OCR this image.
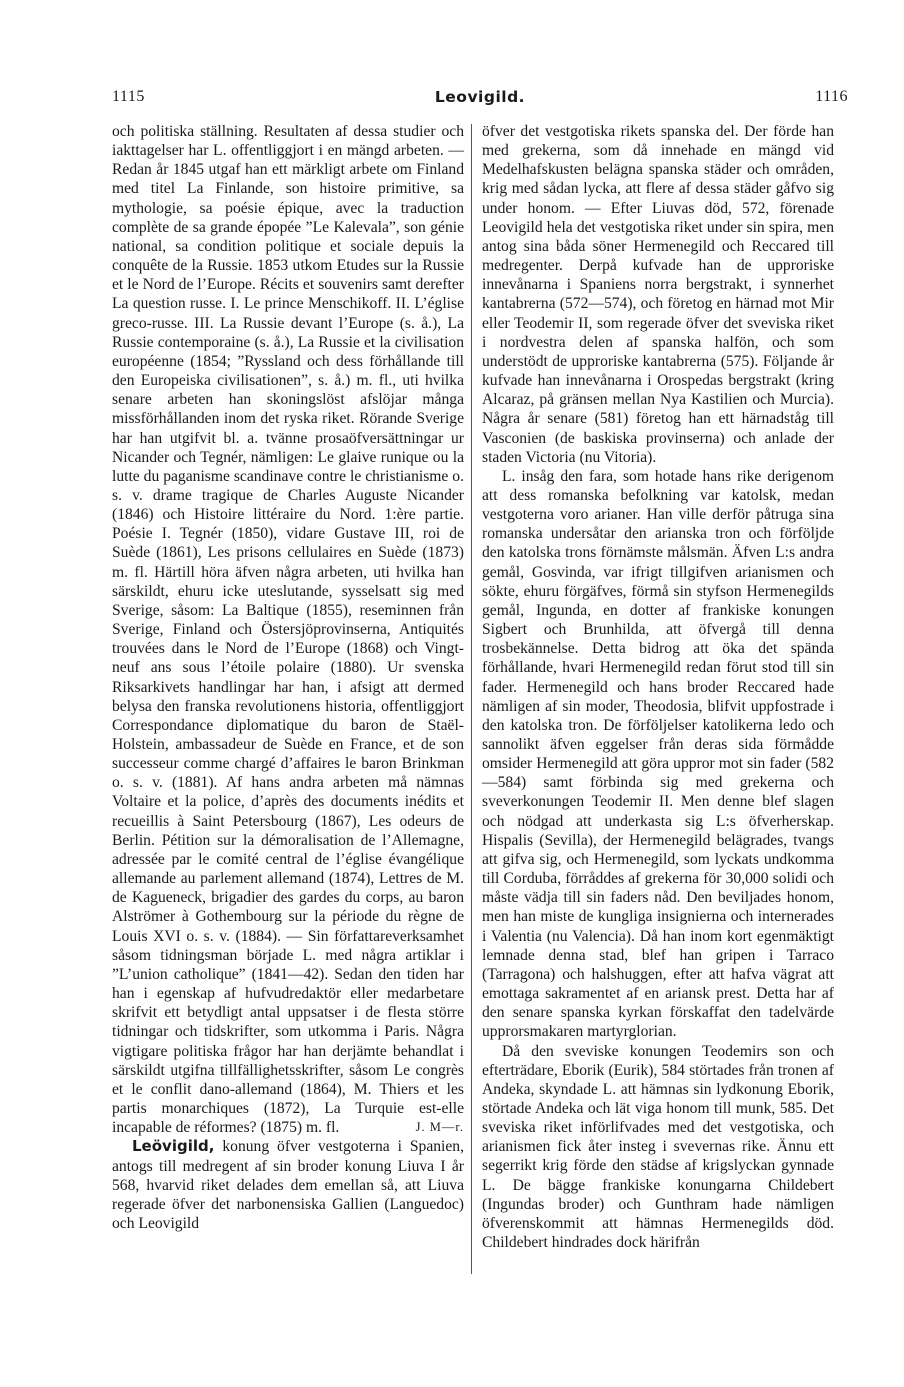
1115	Leovigild.	1116

och politiska ställning. Resultaten af dessa studier och iakttagelser har L. offentliggjort i en mängd arbeten. — Redan år 1845 utgaf han ett märkligt arbete om Finland med titel La Finlande, son histoire primitive, sa mythologie, sa poésie épique, avec la traduction complète de sa grande épopée ”Le Kalevala”, son génie national, sa condition politique et sociale depuis la conquête de la Russie. 1853 utkom Etudes sur la Russie et le Nord de l’Europe. Récits et souvenirs samt derefter La question russe. I. Le prince Menschikoff. II. L’église greco-russe. III. La Russie devant l’Europe (s. å.), La Russie contemporaine (s. å.), La Russie et la civilisation européenne (1854; ”Ryssland och dess förhållande till den Europeiska civilisationen”, s. å.) m. fl., uti hvilka senare arbeten han skoningslöst afslöjar många missförhållanden inom det ryska riket. Rörande Sverige har han utgifvit bl. a. tvänne prosaöfversättningar ur Nicander och Tegnér, nämligen: Le glaive runique ou la lutte du paganisme scandinave contre le christianisme o. s. v. drame tragique de Charles Auguste Nicander (1846) och Histoire littéraire du Nord. 1:ère partie. Poésie I. Tegnér (1850), vidare Gustave III, roi de Suède (1861), Les prisons cellulaires en Suède (1873) m. fl. Härtill höra äfven några arbeten, uti hvilka han särskildt, ehuru icke uteslutande, sysselsatt sig med Sverige, såsom: La Baltique (1855), reseminnen från Sverige, Finland och Östersjöprovinserna, Antiquités trouvées dans le Nord de l’Europe (1868) och Vingt-neuf ans sous l’étoile polaire (1880). Ur svenska Riksarkivets handlingar har han, i afsigt att dermed belysa den franska revolutionens historia, offentliggjort Correspondance diplomatique du baron de Staël-Holstein, ambassadeur de Suède en France, et de son successeur comme chargé d’affaires le baron Brinkman o. s. v. (1881). Af hans andra arbeten må nämnas Voltaire et la police, d’après des documents inédits et recueillis à Saint Petersbourg (1867), Les odeurs de Berlin. Pétition sur la démoralisation de l’Allemagne, adressée par le comité central de l’église évangélique allemande au parlement allemand (1874), Lettres de M. de Kagueneck, brigadier des gardes du corps, au baron Alströmer à Gothembourg sur la période du règne de Louis XVI o. s. v. (1884). — Sin författareverksamhet såsom tidningsman började L. med några artiklar i ”L’union catholique” (1841—42). Sedan den tiden har han i egenskap af hufvudredaktör eller medarbetare skrifvit ett betydligt antal uppsatser i de flesta större tidningar och tidskrifter, som utkomma i Paris. Några vigtigare politiska frågor har han derjämte behandlat i särskildt utgifna tillfällighetsskrifter, såsom Le congrès et le conflit dano-allemand (1864), M. Thiers et les partis monarchiques (1872), La Turquie est-elle incapable de réformes? (1875) m. fl.	J. M—r.

Leövigild, konung öfver vestgoterna i Spanien, antogs till medregent af sin broder konung Liuva I år 568, hvarvid riket delades dem emellan så, att Liuva regerade öfver det narbonensiska Gallien (Languedoc) och Leovigild

öfver det vestgotiska rikets spanska del. Der förde han med grekerna, som då innehade en mängd vid Medelhafskusten belägna spanska städer och områden, krig med sådan lycka, att flere af dessa städer gåfvo sig under honom. — Efter Liuvas död, 572, förenade Leovigild hela det vestgotiska riket under sin spira, men antog sina båda söner Hermenegild och Reccared till medregenter. Derpå kufvade han de upproriske innevånarna i Spaniens norra bergstrakt, i synnerhet kantabrerna (572—574), och företog en härnad mot Mir eller Teodemir II, som regerade öfver det sveviska riket i nordvestra delen af spanska halfön, och som understödt de upproriske kantabrerna (575). Följande år kufvade han innevånarna i Orospedas bergstrakt (kring Alcaraz, på gränsen mellan Nya Kastilien och Murcia). Några år senare (581) företog han ett härnadståg till Vasconien (de baskiska provinserna) och anlade der staden Victoria (nu Vitoria).

L. insåg den fara, som hotade hans rike derigenom att dess romanska befolkning var katolsk, medan vestgoterna voro arianer. Han ville derför påtruga sina romanska undersåtar den arianska tron och förföljde den katolska trons förnämste målsmän. Äfven L:s andra gemål, Gosvinda, var ifrigt tillgifven arianismen och sökte, ehuru förgäfves, förmå sin styfson Hermenegilds gemål, Ingunda, en dotter af frankiske konungen Sigbert och Brunhilda, att öfvergå till denna trosbekännelse. Detta bidrog att öka det spända förhållande, hvari Hermenegild redan förut stod till sin fader. Hermenegild och hans broder Reccared hade nämligen af sin moder, Theodosia, blifvit uppfostrade i den katolska tron. De förföljelser katolikerna ledo och sannolikt äfven eggelser från deras sida förmådde omsider Hermenegild att göra uppror mot sin fader (582—584) samt förbinda sig med grekerna och sveverkonungen Teodemir II. Men denne blef slagen och nödgad att underkasta sig L:s öfverherskap. Hispalis (Sevilla), der Hermenegild belägrades, tvangs att gifva sig, och Hermenegild, som lyckats undkomma till Corduba, förråddes af grekerna för 30,000 solidi och måste vädja till sin faders nåd. Den beviljades honom, men han miste de kungliga insignierna och internerades i Valentia (nu Valencia). Då han inom kort egenmäktigt lemnade denna stad, blef han gripen i Tarraco (Tarragona) och halshuggen, efter att hafva vägrat att emottaga sakramentet af en ariansk prest. Detta har af den senare spanska kyrkan förskaffat den tadelvärde upprorsmakaren martyrglorian.

Då den sveviske konungen Teodemirs son och efterträdare, Eborik (Eurik), 584 störtades från tronen af Andeka, skyndade L. att hämnas sin lydkonung Eborik, störtade Andeka och lät viga honom till munk, 585. Det sveviska riket införlifvades med det vestgotiska, och arianismen fick åter insteg i svevernas rike. Ännu ett segerrikt krig förde den städse af krigslyckan gynnade L. De bägge frankiske konungarna Childebert (Ingundas broder) och Gunthram hade nämligen öfverenskommit att hämnas Hermenegilds död. Childebert hindrades dock härifrån
